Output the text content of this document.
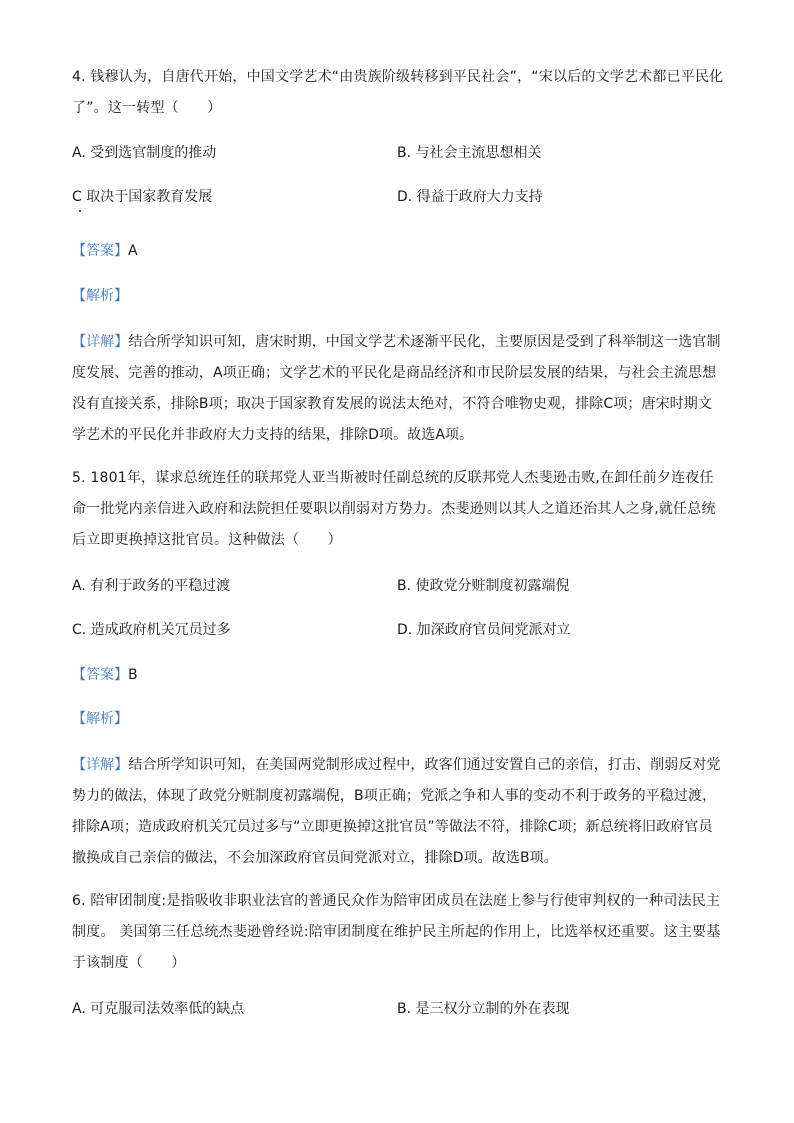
4. 钱穆认为，自唐代开始，中国文学艺术“由贵族阶级转移到平民社会”，“宋以后的文学艺术都已平民化了”。这一转型（　　）
A. 受到选官制度的推动	B. 与社会主流思想相关
C 取决于国家教育发展	D. 得益于政府大力支持
【答案】A
【解析】
【详解】结合所学知识可知，唐宋时期，中国文学艺术逐渐平民化，主要原因是受到了科举制这一选官制度发展、完善的推动，A项正确；文学艺术的平民化是商品经济和市民阶层发展的结果，与社会主流思想没有直接关系，排除B项；取决于国家教育发展的说法太绝对，不符合唯物史观，排除C项；唐宋时期文学艺术的平民化并非政府大力支持的结果，排除D项。故选A项。
5. 1801年，谋求总统连任的联邦党人亚当斯被时任副总统的反联邦党人杰斐逊击败,在卸任前夕连夜任命一批党内亲信进入政府和法院担任要职以削弱对方势力。杰斐逊则以其人之道还治其人之身,就任总统后立即更换掉这批官员。这种做法（　　）
A. 有利于政务的平稳过渡	B. 使政党分赃制度初露端倪
C. 造成政府机关冗员过多	D. 加深政府官员间党派对立
【答案】B
【解析】
【详解】结合所学知识可知，在美国两党制形成过程中，政客们通过安置自己的亲信，打击、削弱反对党势力的做法，体现了政党分赃制度初露端倪，B项正确；党派之争和人事的变动不利于政务的平稳过渡，排除A项；造成政府机关冗员过多与“立即更换掉这批官员”等做法不符，排除C项；新总统将旧政府官员撤换成自己亲信的做法，不会加深政府官员间党派对立，排除D项。故选B项。
6. 陪审团制度:是指吸收非职业法官的普通民众作为陪审团成员在法庭上参与行使审判权的一种司法民主制度。 美国第三任总统杰斐逊曾经说:陪审团制度在维护民主所起的作用上，比选举权还重要。这主要基于该制度（　　）
A. 可克服司法效率低的缺点	B. 是三权分立制的外在表现
